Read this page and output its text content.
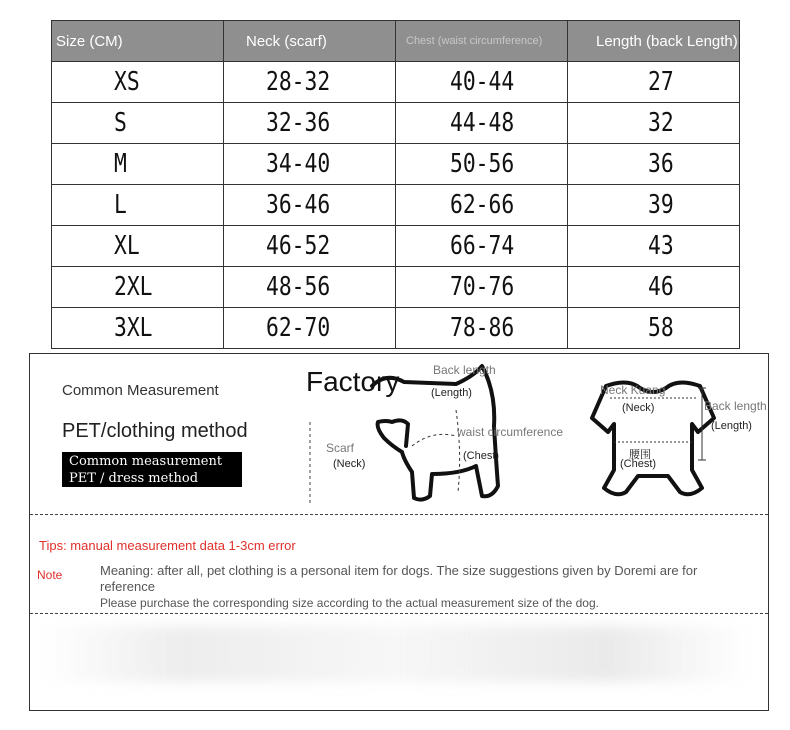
Size (CM)	Neck (scarf)	Chest (waist circumference)	Length (back Length)
XS	28-32	40-44	27
S	32-36	44-48	32
M	34-40	50-56	36
L	36-46	62-66	39
XL	46-52	66-74	43
2XL	48-56	70-76	46
3XL	62-70	78-86	58
Common Measurement
PET/clothing method
Common measurement
PET / dress method
Factory	Back length
(Length)
Scarf
(Neck)
waist circumference
(Chest)
Neck Kuang
(Neck)	Back length
(Length)
腰围
(Chest)
Tips: manual measurement data 1-3cm error
Note	Meaning: after all, pet clothing is a personal item for dogs. The size suggestions given by Doremi are for reference
Please purchase the corresponding size according to the actual measurement size of the dog.
